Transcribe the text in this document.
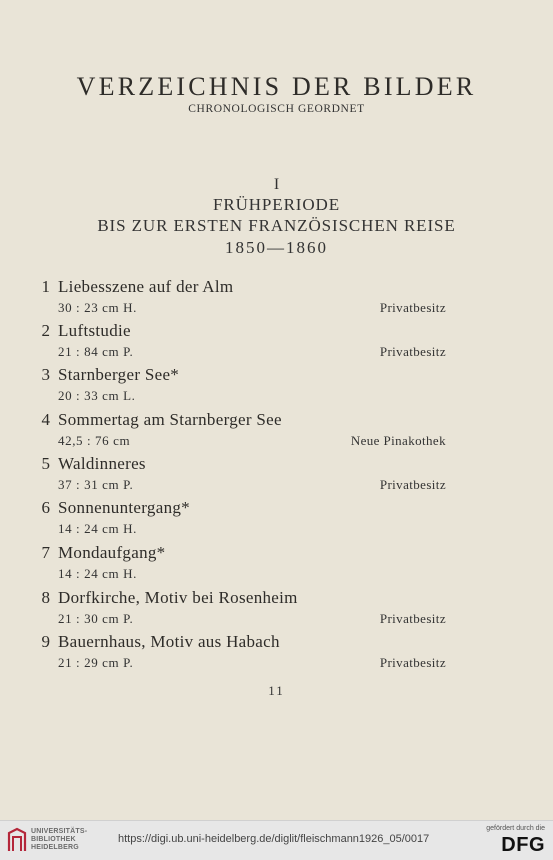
VERZEICHNIS DER BILDER
CHRONOLOGISCH GEORDNET
I
FRÜHPERIODE
BIS ZUR ERSTEN FRANZÖSISCHEN REISE
1850—1860
1 Liebesszene auf der Alm
30 : 23 cm H.	Privatbesitz
2 Luftstudie
21 : 84 cm P.	Privatbesitz
3 Starnberger See*
20 : 33 cm L.
4 Sommertag am Starnberger See
42,5 : 76 cm	Neue Pinakothek
5 Waldinneres
37 : 31 cm P.	Privatbesitz
6 Sonnenuntergang*
14 : 24 cm H.
7 Mondaufgang*
14 : 24 cm H.
8 Dorfkirche, Motiv bei Rosenheim
21 : 30 cm P.	Privatbesitz
9 Bauernhaus, Motiv aus Habach
21 : 29 cm P.	Privatbesitz
11
UNIVERSITÄTS-
BIBLIOTHEK
HEIDELBERG
https://digi.ub.uni-heidelberg.de/diglit/fleischmann1926_05/0017
gefördert durch die
DFG
